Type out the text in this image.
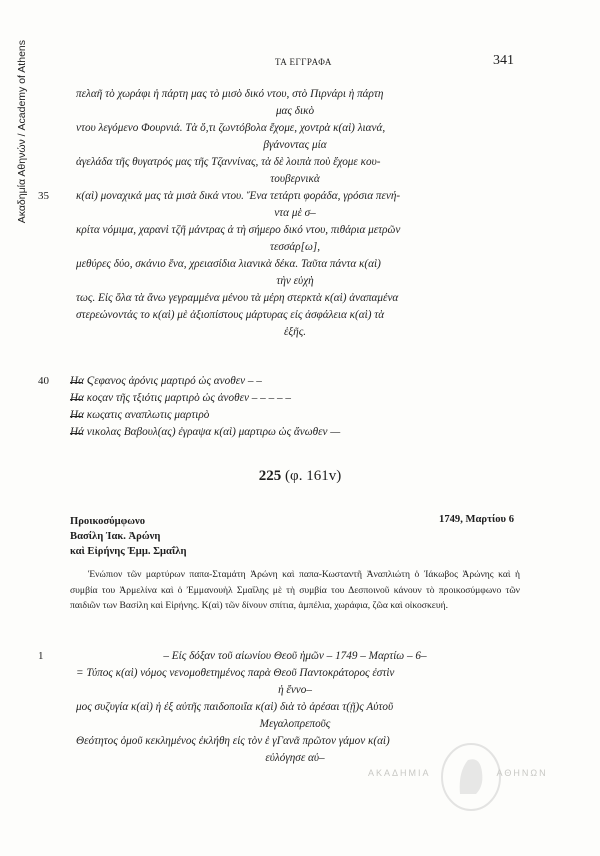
Ακαδημία Αθηνών / Academy of Athens	ΤΑ ΕΓΓΡΑΦΑ	341
πελαῆ τὸ χωράφι ἡ πάρτη μας τὸ μισὸ δικό ντου, στὸ Πιρνάρι ἡ πάρτη
μας δικὸ
ντου λεγόμενο Φουρνιά. Τὰ ὅ,τι ζωντόβολα ἔχομε, χοντρὰ κ(αὶ) λιανά,
βγάνοντας μία
ἀγελάδα τῆς θυγατρός μας τῆς Τζαννίνας, τὰ δὲ λοιπὰ ποὺ ἔχομε κου-
τουβερνικὰ
35 κ(αὶ) μοναχικά μας τὰ μισὰ δικά ντου. Ἕνα τετάρτι φοράδα, γρόσια πενή-
ντα μὲ σ–
κρίτα νόμιμα, χαρανὶ τζῆ μάντρας ἀ τὴ σήμερο δικό ντου, πιθάρια μετρῶν
τεσσάρ[ω],
μεθύρες δύο, σκάνιο ἕνα, χρειασίδια λιανικὰ δέκα. Ταῦτα πάντα κ(αὶ)
τὴν εὐχὴ
τως. Εἰς ὅλα τὰ ἄνω γεγραμμένα μένου τὰ μέρη στερκτὰ κ(αὶ) ἀναπαμένα
στερεώνοντάς το κ(αὶ) μὲ ἀξιοπίστους μάρτυρας εἰς ἀσφάλεια κ(αὶ) τὰ
ἑξῆς.
40 Ηα Ϛεφανος ἀρόνις μαρτιρό ὡς ανοθεν – –
Ηα κοςαν τῆς τξιότις μαρτιρὸ ὡς ἀνοθεν – – – – –
Ηα κωςατις αναπλωτις μαρτιρὸ
Ηά νικολας Βαβουλ(ας) ἐγραψα κ(αὶ) μαρτιρω ὡς ἄνωθεν —
225 (φ. 161v)
Προικοσύμφωνο
Βασίλη Ἰακ. Ἀρώνη
καὶ Εἰρήνης Ἐμμ. Σμαΐλη
1749, Μαρτίου 6
Ἐνώπιον τῶν μαρτύρων παπα-Σταμάτη Ἀρώνη καὶ παπα-Κωσταντῆ Ἀναπλιώτη ὁ Ἰάκωβος Ἀρώνης καὶ ἡ συμβία του Ἀρμελίνα καὶ ὁ Ἐμμανουὴλ Σμαΐλης μὲ τὴ συμβία του Δεσποινοῦ κάνουν τὸ προικοσύμφωνο τῶν παιδιῶν των Βασίλη καὶ Εἰρήνης. Κ(αὶ) τῶν δίνουν σπίτια, ἀμπέλια, χωράφια, ζῶα καὶ οἰκοσκευή.
1	– Εἰς δόξαν τοῦ αἰωνίου Θεοῦ ἡμῶν – 1749 – Μαρτίω – 6–
= Τύπος κ(αὶ) νόμος νενομοθετημένος παρὰ Θεοῦ Παντοκράτορος ἐστὶν
ἡ ἔννο–
μος συζυγία κ(αὶ) ἡ ἐξ αὐτῆς παιδοποιΐα κ(αὶ) διὰ τὸ ἀρέσαι τ(ῇ)ς Αὐτοῦ
Μεγαλοπρεποῦς
Θεότητος ὁμοῦ κεκλημένος ἐκλήθη εἰς τὸν ἑ γΓανᾶ πρῶτον γάμον κ(αὶ)
εὐλόγησε αὐ–
ΑΚΑΔΗΜΙΑ	ΑΘΗΝΩΝ
